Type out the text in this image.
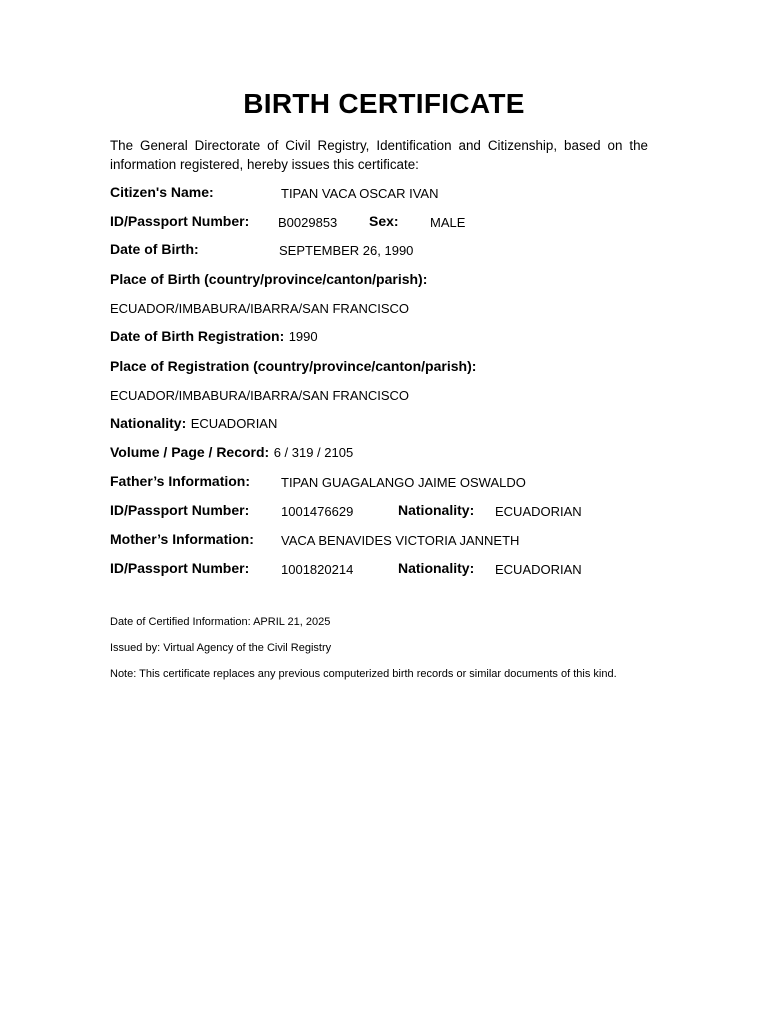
BIRTH CERTIFICATE
The General Directorate of Civil Registry, Identification and Citizenship, based on the information registered, hereby issues this certificate:
Citizen's Name:	TIPAN VACA OSCAR IVAN
ID/Passport Number: B0029853 Sex: MALE
Date of Birth:	SEPTEMBER 26, 1990
Place of Birth (country/province/canton/parish):
ECUADOR/IMBABURA/IBARRA/SAN FRANCISCO
Date of Birth Registration: 1990
Place of Registration (country/province/canton/parish):
ECUADOR/IMBABURA/IBARRA/SAN FRANCISCO
Nationality: ECUADORIAN
Volume / Page / Record: 6 / 319 / 2105
Father’s Information: TIPAN GUAGALANGO JAIME OSWALDO
ID/Passport Number: 1001476629	Nationality: ECUADORIAN
Mother’s Information: VACA BENAVIDES VICTORIA JANNETH
ID/Passport Number: 1001820214	Nationality: ECUADORIAN
Date of Certified Information: APRIL 21, 2025
Issued by: Virtual Agency of the Civil Registry
Note: This certificate replaces any previous computerized birth records or similar documents of this kind.
